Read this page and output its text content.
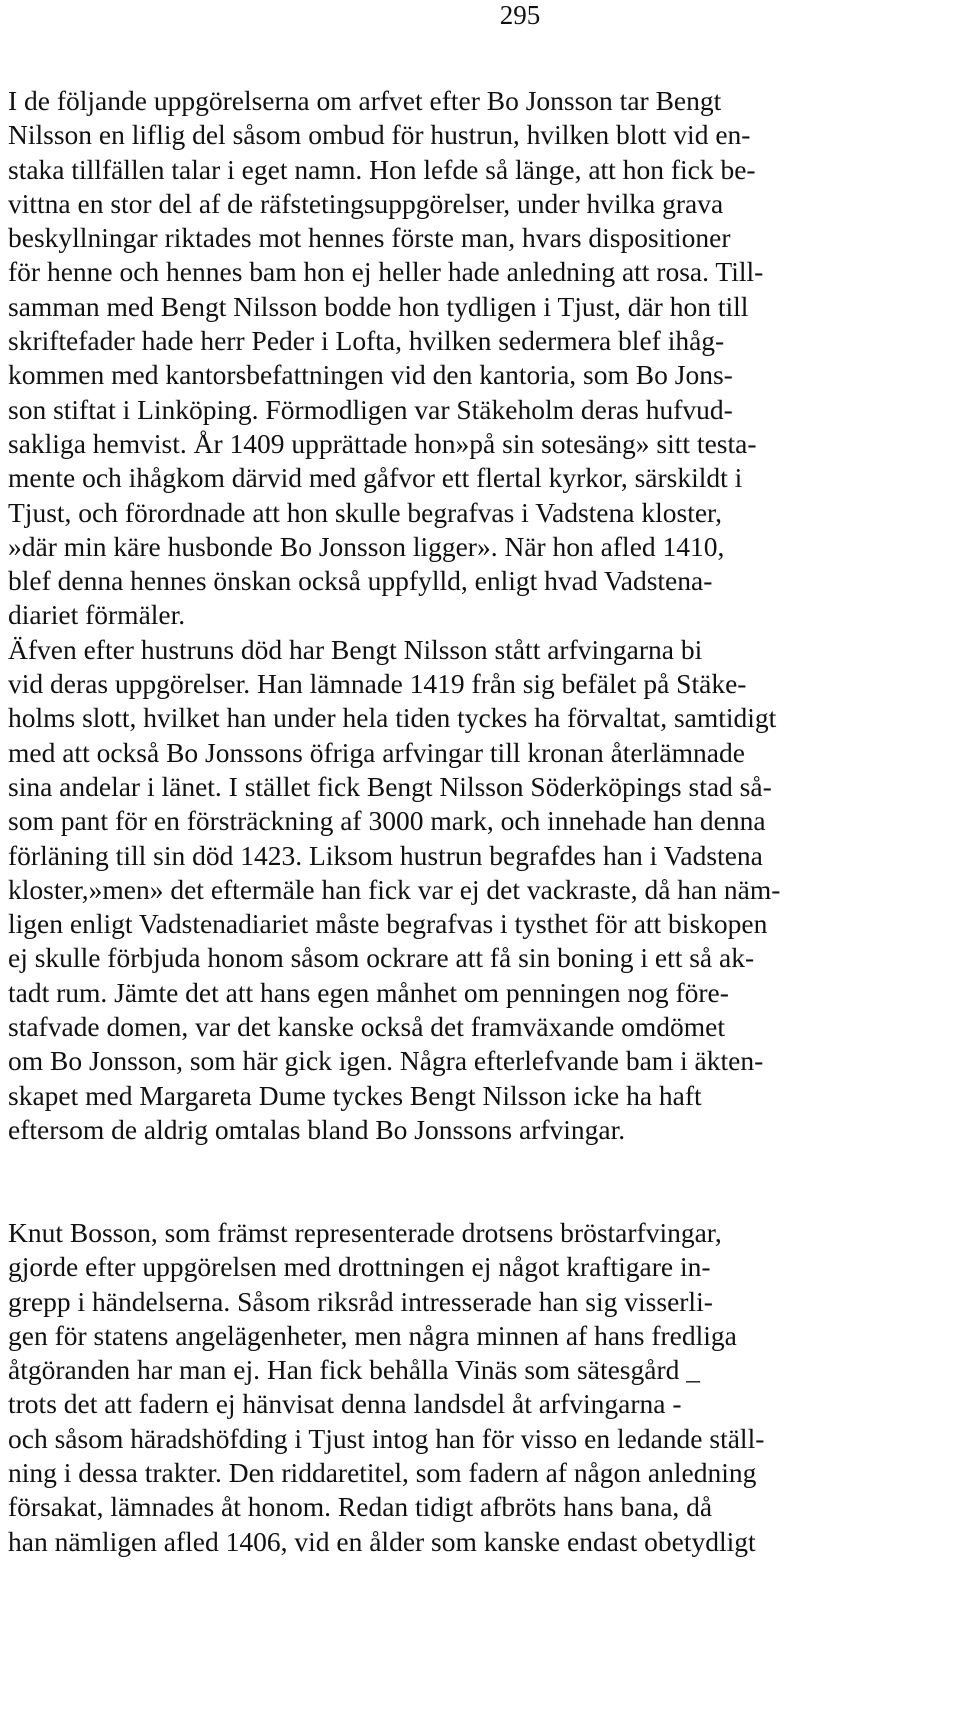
295
I de följande uppgörelserna om arfvet efter Bo Jonsson tar Bengt
Nilsson en liflig del såsom ombud för hustrun, hvilken blott vid en-
staka tillfällen talar i eget namn. Hon lefde så länge, att hon fick be-
vittna en stor del af de räfstetingsuppgörelser, under hvilka grava
beskyllningar riktades mot hennes förste man, hvars dispositioner
för henne och hennes bam hon ej heller hade anledning att rosa. Till-
samman med Bengt Nilsson bodde hon tydligen i Tjust, där hon till
skriftefader hade herr Peder i Lofta, hvilken sedermera blef ihåg-
kommen med kantorsbefattningen vid den kantoria, som Bo Jons-
son stiftat i Linköping. Förmodligen var Stäkeholm deras hufvud-
sakliga hemvist. År 1409 upprättade hon»på sin sotesäng» sitt testa-
mente och ihågkom därvid med gåfvor ett flertal kyrkor, särskildt i
Tjust, och förordnade att hon skulle begrafvas i Vadstena kloster,
»där min käre husbonde Bo Jonsson ligger». När hon afled 1410,
blef denna hennes önskan också uppfylld, enligt hvad Vadstena-
diariet förmäler.
Äfven efter hustruns död har Bengt Nilsson stått arfvingarna bi
vid deras uppgörelser. Han lämnade 1419 från sig befälet på Stäke-
holms slott, hvilket han under hela tiden tyckes ha förvaltat, samtidigt
med att också Bo Jonssons öfriga arfvingar till kronan återlämnade
sina andelar i länet. I stället fick Bengt Nilsson Söderköpings stad så-
som pant för en försträckning af 3000 mark, och innehade han denna
förläning till sin död 1423. Liksom hustrun begrafdes han i Vadstena
kloster,»men» det eftermäle han fick var ej det vackraste, då han näm-
ligen enligt Vadstenadiariet måste begrafvas i tysthet för att biskopen
ej skulle förbjuda honom såsom ockrare att få sin boning i ett så ak-
tadt rum. Jämte det att hans egen månhet om penningen nog före-
stafvade domen, var det kanske också det framväxande omdömet
om Bo Jonsson, som här gick igen. Några efterlefvande bam i äkten-
skapet med Margareta Dume tyckes Bengt Nilsson icke ha haft
eftersom de aldrig omtalas bland Bo Jonssons arfvingar.
Knut Bosson, som främst representerade drotsens bröstarfvingar,
gjorde efter uppgörelsen med drottningen ej något kraftigare in-
grepp i händelserna. Såsom riksråd intresserade han sig visserli-
gen för statens angelägenheter, men några minnen af hans fredliga
åtgöranden har man ej. Han fick behålla Vinäs som sätesgård _
trots det att fadern ej hänvisat denna landsdel åt arfvingarna -
och såsom häradshöfding i Tjust intog han för visso en ledande ställ-
ning i dessa trakter. Den riddaretitel, som fadern af någon anledning
försakat, lämnades åt honom. Redan tidigt afbröts hans bana, då
han nämligen afled 1406, vid en ålder som kanske endast obetydligt
